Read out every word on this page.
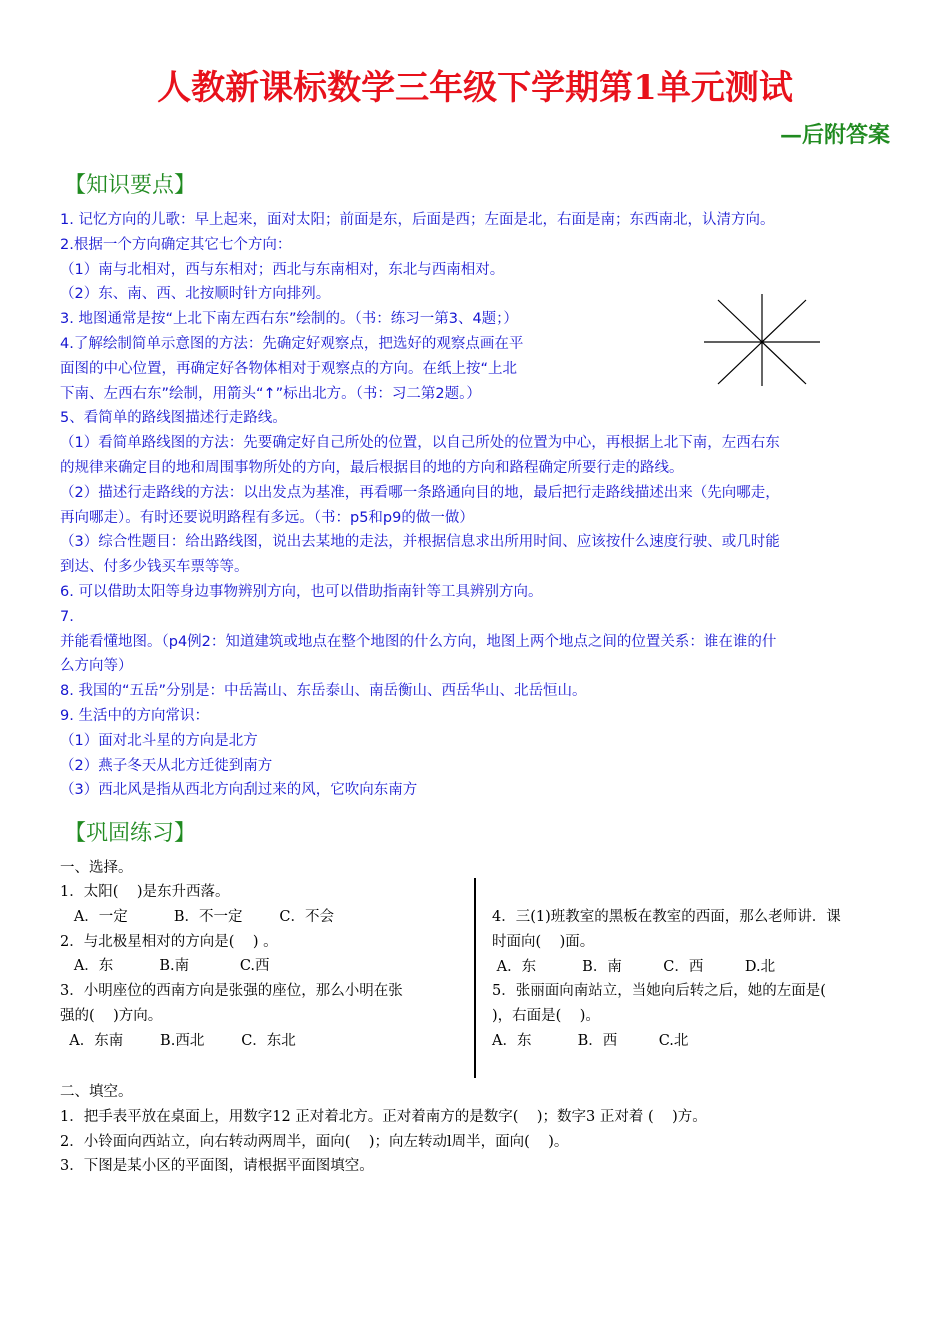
人教新课标数学三年级下学期第1单元测试
—后附答案
【知识要点】

1. 记忆方向的儿歌：早上起来，面对太阳；前面是东，后面是西；左面是北，右面是南；东西南北，认清方向。

2.根据一个方向确定其它七个方向：

（1）南与北相对，西与东相对；西北与东南相对，东北与西南相对。

（2）东、南、西、北按顺时针方向排列。

3. 地图通常是按“上北下南左西右东”绘制的。（书：练习一第3、4题；）

4.了解绘制简单示意图的方法：先确定好观察点，把选好的观察点画在平

面图的中心位置，再确定好各物体相对于观察点的方向。在纸上按“上北

下南、左西右东”绘制，用箭头“↑”标出北方。（书：习二第2题。）

5、看简单的路线图描述行走路线。

（1）看简单路线图的方法：先要确定好自己所处的位置，以自己所处的位置为中心，再根据上北下南，左西右东

的规律来确定目的地和周围事物所处的方向，最后根据目的地的方向和路程确定所要行走的路线。

（2）描述行走路线的方法：以出发点为基准，再看哪一条路通向目的地，最后把行走路线描述出来（先向哪走，

再向哪走）。有时还要说明路程有多远。（书：p5和p9的做一做）

（3）综合性题目：给出路线图，说出去某地的走法，并根据信息求出所用时间、应该按什么速度行驶、或几时能

到达、付多少钱买车票等等。

6. 可以借助太阳等身边事物辨别方向，也可以借助指南针等工具辨别方向。

7.

并能看懂地图。（p4例2：知道建筑或地点在整个地图的什么方向，地图上两个地点之间的位置关系：谁在谁的什

么方向等）

8. 我国的“五岳”分别是：中岳嵩山、东岳泰山、南岳衡山、西岳华山、北岳恒山。

9. 生活中的方向常识：

（1）面对北斗星的方向是北方

（2）燕子冬天从北方迁徙到南方

（3）西北风是指从西北方向刮过来的风，它吹向东南方

【巩固练习】
一、选择。

1．太阳(    )是东升西落。

A．一定          B．不一定        C．不会

2．与北极星相对的方向是(    ) 。

A．东          B.南           C.西

3．小明座位的西南方向是张强的座位，那么小明在张

强的(    )方向。

A．东南        B.西北        C．东北

4．三(1)班教室的黑板在教室的西面，那么老师讲．课

时面向(    )面。

A．东          B．南         C．西         D.北

5．张丽面向南站立，当她向后转之后，她的左面是(

)，右面是(    )。

A．东          B．西         C.北

二、填空。

1．把手表平放在桌面上，用数字12 正对着北方。正对着南方的是数字(    )；数字3 正对着 (    )方。

2．小铃面向西站立，向右转动两周半，面向(    )；向左转动l周半，面向(    )。

3．下图是某小区的平面图，请根据平面图填空。
